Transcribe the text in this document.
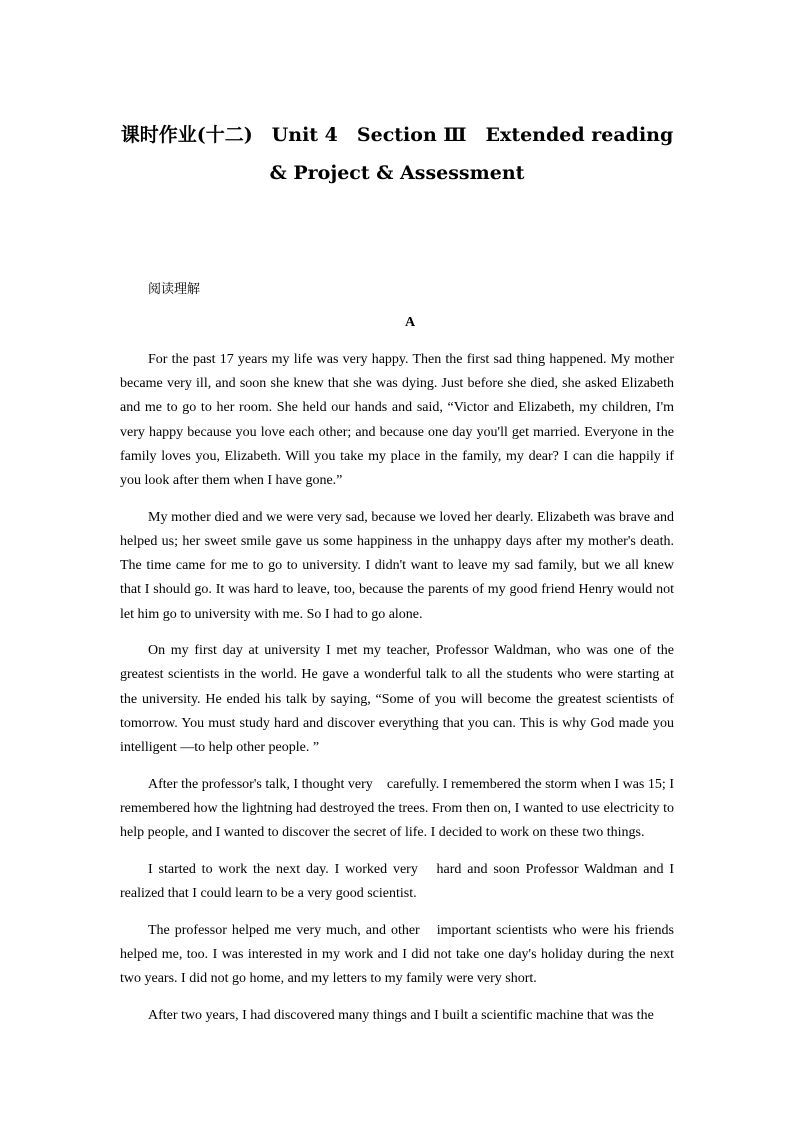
课时作业(十二)　Unit 4　Section Ⅲ　Extended reading
& Project & Assessment
阅读理解
A

For the past 17 years my life was very happy. Then the first sad thing happened. My mother became very ill, and soon she knew that she was dying. Just before she died, she asked Elizabeth and me to go to her room. She held our hands and said, “Victor and Elizabeth, my children, I'm very happy because you love each other; and because one day you'll get married. Everyone in the family loves you, Elizabeth. Will you take my place in the family, my dear? I can die happily if you look after them when I have gone.”

My mother died and we were very sad, because we loved her dearly. Elizabeth was brave and helped us; her sweet smile gave us some happiness in the unhappy days after my mother's death. The time came for me to go to university. I didn't want to leave my sad family, but we all knew that I should go. It was hard to leave, too, because the parents of my good friend Henry would not let him go to university with me. So I had to go alone.

On my first day at university I met my teacher, Professor Waldman, who was one of the greatest scientists in the world. He gave a wonderful talk to all the students who were starting at the university. He ended his talk by saying, “Some of you will become the greatest scientists of tomorrow. You must study hard and discover everything that you can. This is why God made you intelligent —to help other people. ”

After the professor's talk, I thought very　carefully. I remembered the storm when I was 15; I remembered how the lightning had destroyed the trees. From then on, I wanted to use electricity to help people, and I wanted to discover the secret of life. I decided to work on these two things.

I started to work the next day. I worked very　hard and soon Professor Waldman and I realized that I could learn to be a very good scientist.

The professor helped me very much, and other　important scientists who were his friends helped me, too. I was interested in my work and I did not take one day's holiday during the next two years. I did not go home, and my letters to my family were very short.

After two years, I had discovered many things and I built a scientific machine that was the
